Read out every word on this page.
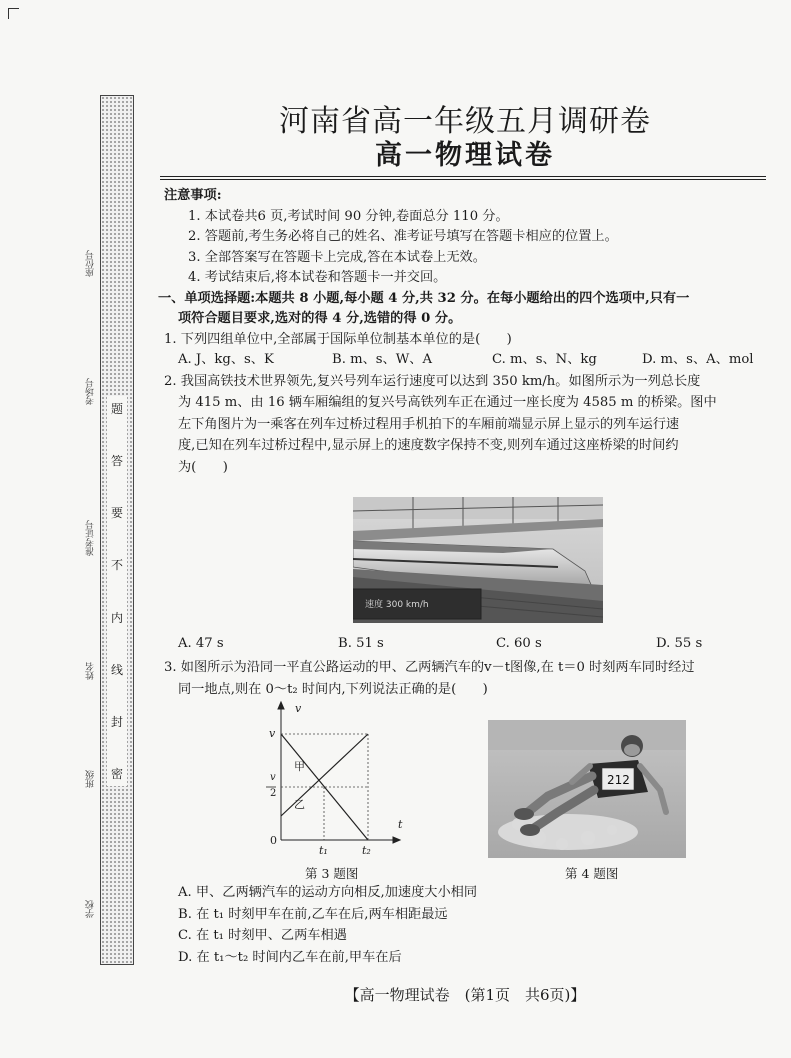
题
答
要
不
内
线
封
密
座位号
考场号
准考证号
姓名
班级
学校
河南省高一年级五月调研卷
高一物理试卷

注意事项:

1. 本试卷共6 页,考试时间 90 分钟,卷面总分 110 分。

2. 答题前,考生务必将自己的姓名、准考证号填写在答题卡相应的位置上。

3. 全部答案写在答题卡上完成,答在本试卷上无效。

4. 考试结束后,将本试卷和答题卡一并交回。

一、单项选择题:本题共 8 小题,每小题 4 分,共 32 分。在每小题给出的四个选项中,只有一

项符合题目要求,选对的得 4 分,选错的得 0 分。

1. 下列四组单位中,全部属于国际单位制基本单位的是(　　)

A. J、kg、s、K	B. m、s、W、A	C. m、s、N、kg	D. m、s、A、mol

2. 我国高铁技术世界领先,复兴号列车运行速度可以达到 350 km/h。如图所示为一列总长度

为 415 m、由 16 辆车厢编组的复兴号高铁列车正在通过一座长度为 4585 m 的桥梁。图中

左下角图片为一乘客在列车过桥过程用手机拍下的车厢前端显示屏上显示的列车运行速

度,已知在列车过桥过程中,显示屏上的速度数字保持不变,则列车通过这座桥梁的时间约

为(　　)

速度 300 km/h
A. 47 s	B. 51 s	C. 60 s	D. 55 s

3. 如图所示为沿同一平直公路运动的甲、乙两辆汽车的v－t图像,在 t＝0 时刻两车同时经过

同一地点,则在 0～t₂ 时间内,下列说法正确的是(　　)

v
t
v
v
2
0
t₁	t₂
甲
乙
212
第 3 题图	第 4 题图

A. 甲、乙两辆汽车的运动方向相反,加速度大小相同

B. 在 t₁ 时刻甲车在前,乙车在后,两车相距最远

C. 在 t₁ 时刻甲、乙两车相遇

D. 在 t₁～t₂ 时间内乙车在前,甲车在后

【高一物理试卷　(第1页　共6页)】
